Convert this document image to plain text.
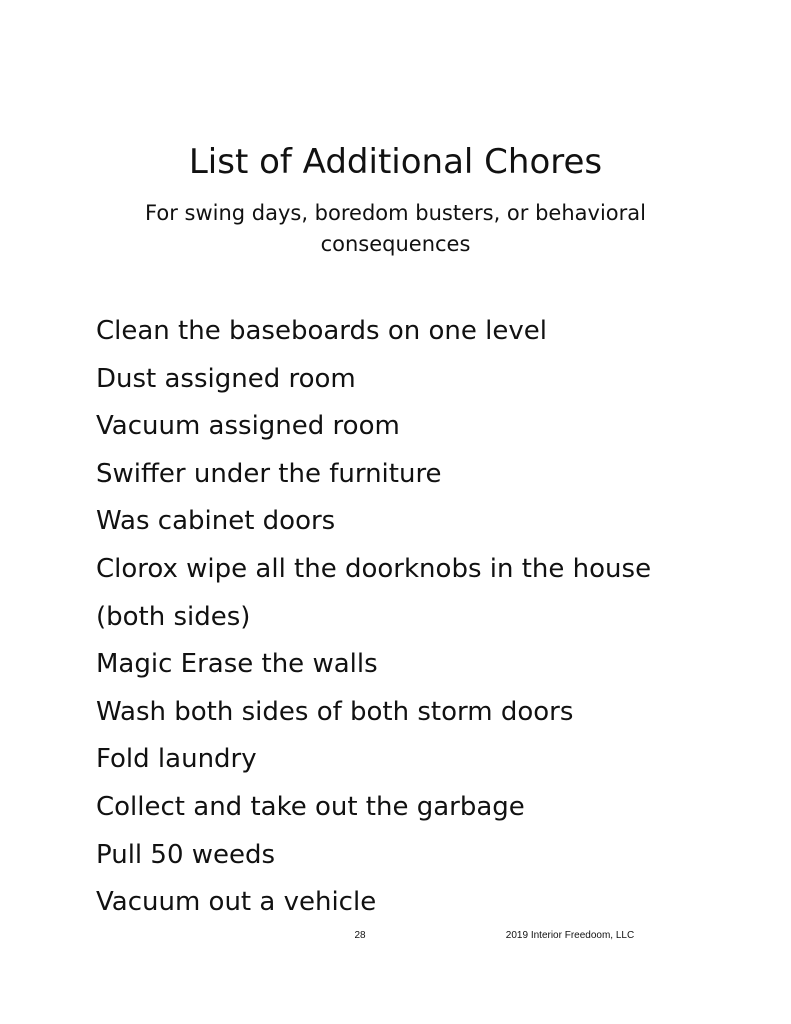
List of Additional Chores

For swing days, boredom busters, or behavioral consequences

Clean the baseboards on one level
Dust assigned room
Vacuum assigned room
Swiffer under the furniture
Was cabinet doors
Clorox wipe all the doorknobs in the house
(both sides)
Magic Erase the walls
Wash both sides of both storm doors
Fold laundry
Collect and take out the garbage
Pull 50 weeds
Vacuum out a vehicle
28	2019 Interior Freedoom, LLC
